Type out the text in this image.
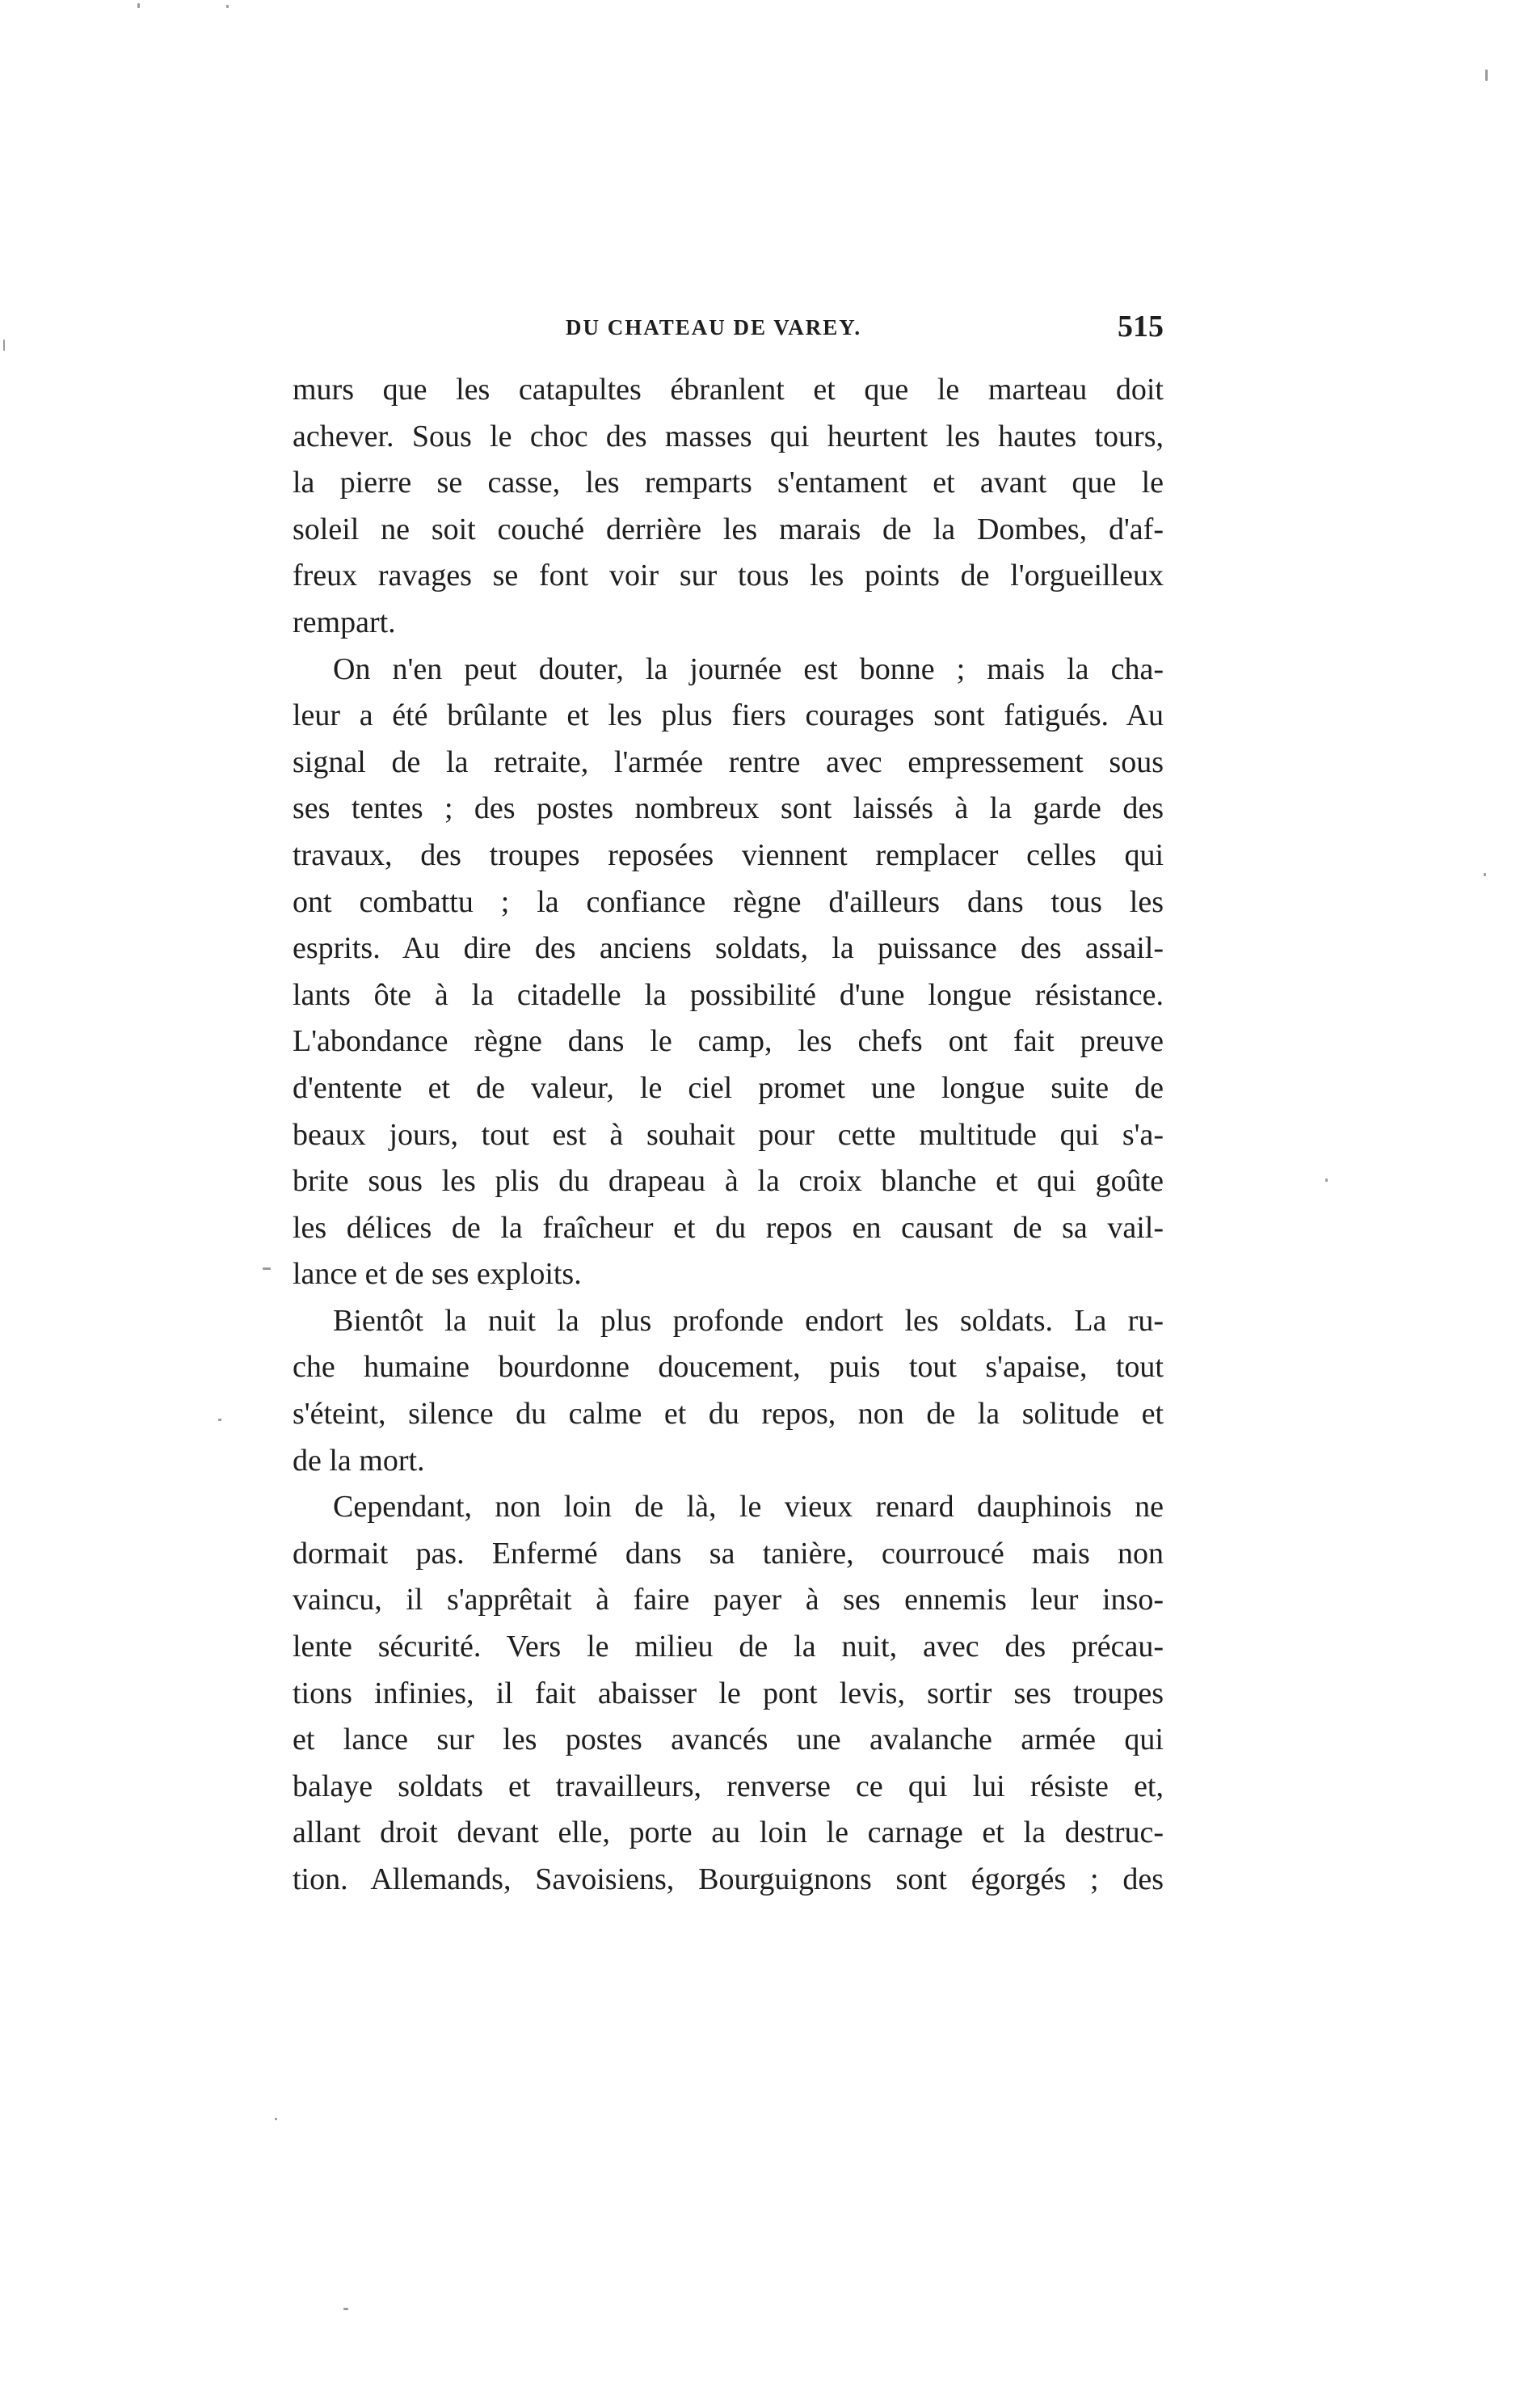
DU CHATEAU DE VAREY.	515
murs que les catapultes ébranlent et que le marteau doit
achever. Sous le choc des masses qui heurtent les hautes tours,
la pierre se casse, les remparts s'entament et avant que le
soleil ne soit couché derrière les marais de la Dombes, d'af-
freux ravages se font voir sur tous les points de l'orgueilleux
rempart.
On n'en peut douter, la journée est bonne ; mais la cha-
leur a été brûlante et les plus fiers courages sont fatigués. Au
signal de la retraite, l'armée rentre avec empressement sous
ses tentes ; des postes nombreux sont laissés à la garde des
travaux, des troupes reposées viennent remplacer celles qui
ont combattu ; la confiance règne d'ailleurs dans tous les
esprits. Au dire des anciens soldats, la puissance des assail-
lants ôte à la citadelle la possibilité d'une longue résistance.
L'abondance règne dans le camp, les chefs ont fait preuve
d'entente et de valeur, le ciel promet une longue suite de
beaux jours, tout est à souhait pour cette multitude qui s'a-
brite sous les plis du drapeau à la croix blanche et qui goûte
les délices de la fraîcheur et du repos en causant de sa vail-
lance et de ses exploits.
Bientôt la nuit la plus profonde endort les soldats. La ru-
che humaine bourdonne doucement, puis tout s'apaise, tout
s'éteint, silence du calme et du repos, non de la solitude et
de la mort.
Cependant, non loin de là, le vieux renard dauphinois ne
dormait pas. Enfermé dans sa tanière, courroucé mais non
vaincu, il s'apprêtait à faire payer à ses ennemis leur inso-
lente sécurité. Vers le milieu de la nuit, avec des précau-
tions infinies, il fait abaisser le pont levis, sortir ses troupes
et lance sur les postes avancés une avalanche armée qui
balaye soldats et travailleurs, renverse ce qui lui résiste et,
allant droit devant elle, porte au loin le carnage et la destruc-
tion. Allemands, Savoisiens, Bourguignons sont égorgés ; des
